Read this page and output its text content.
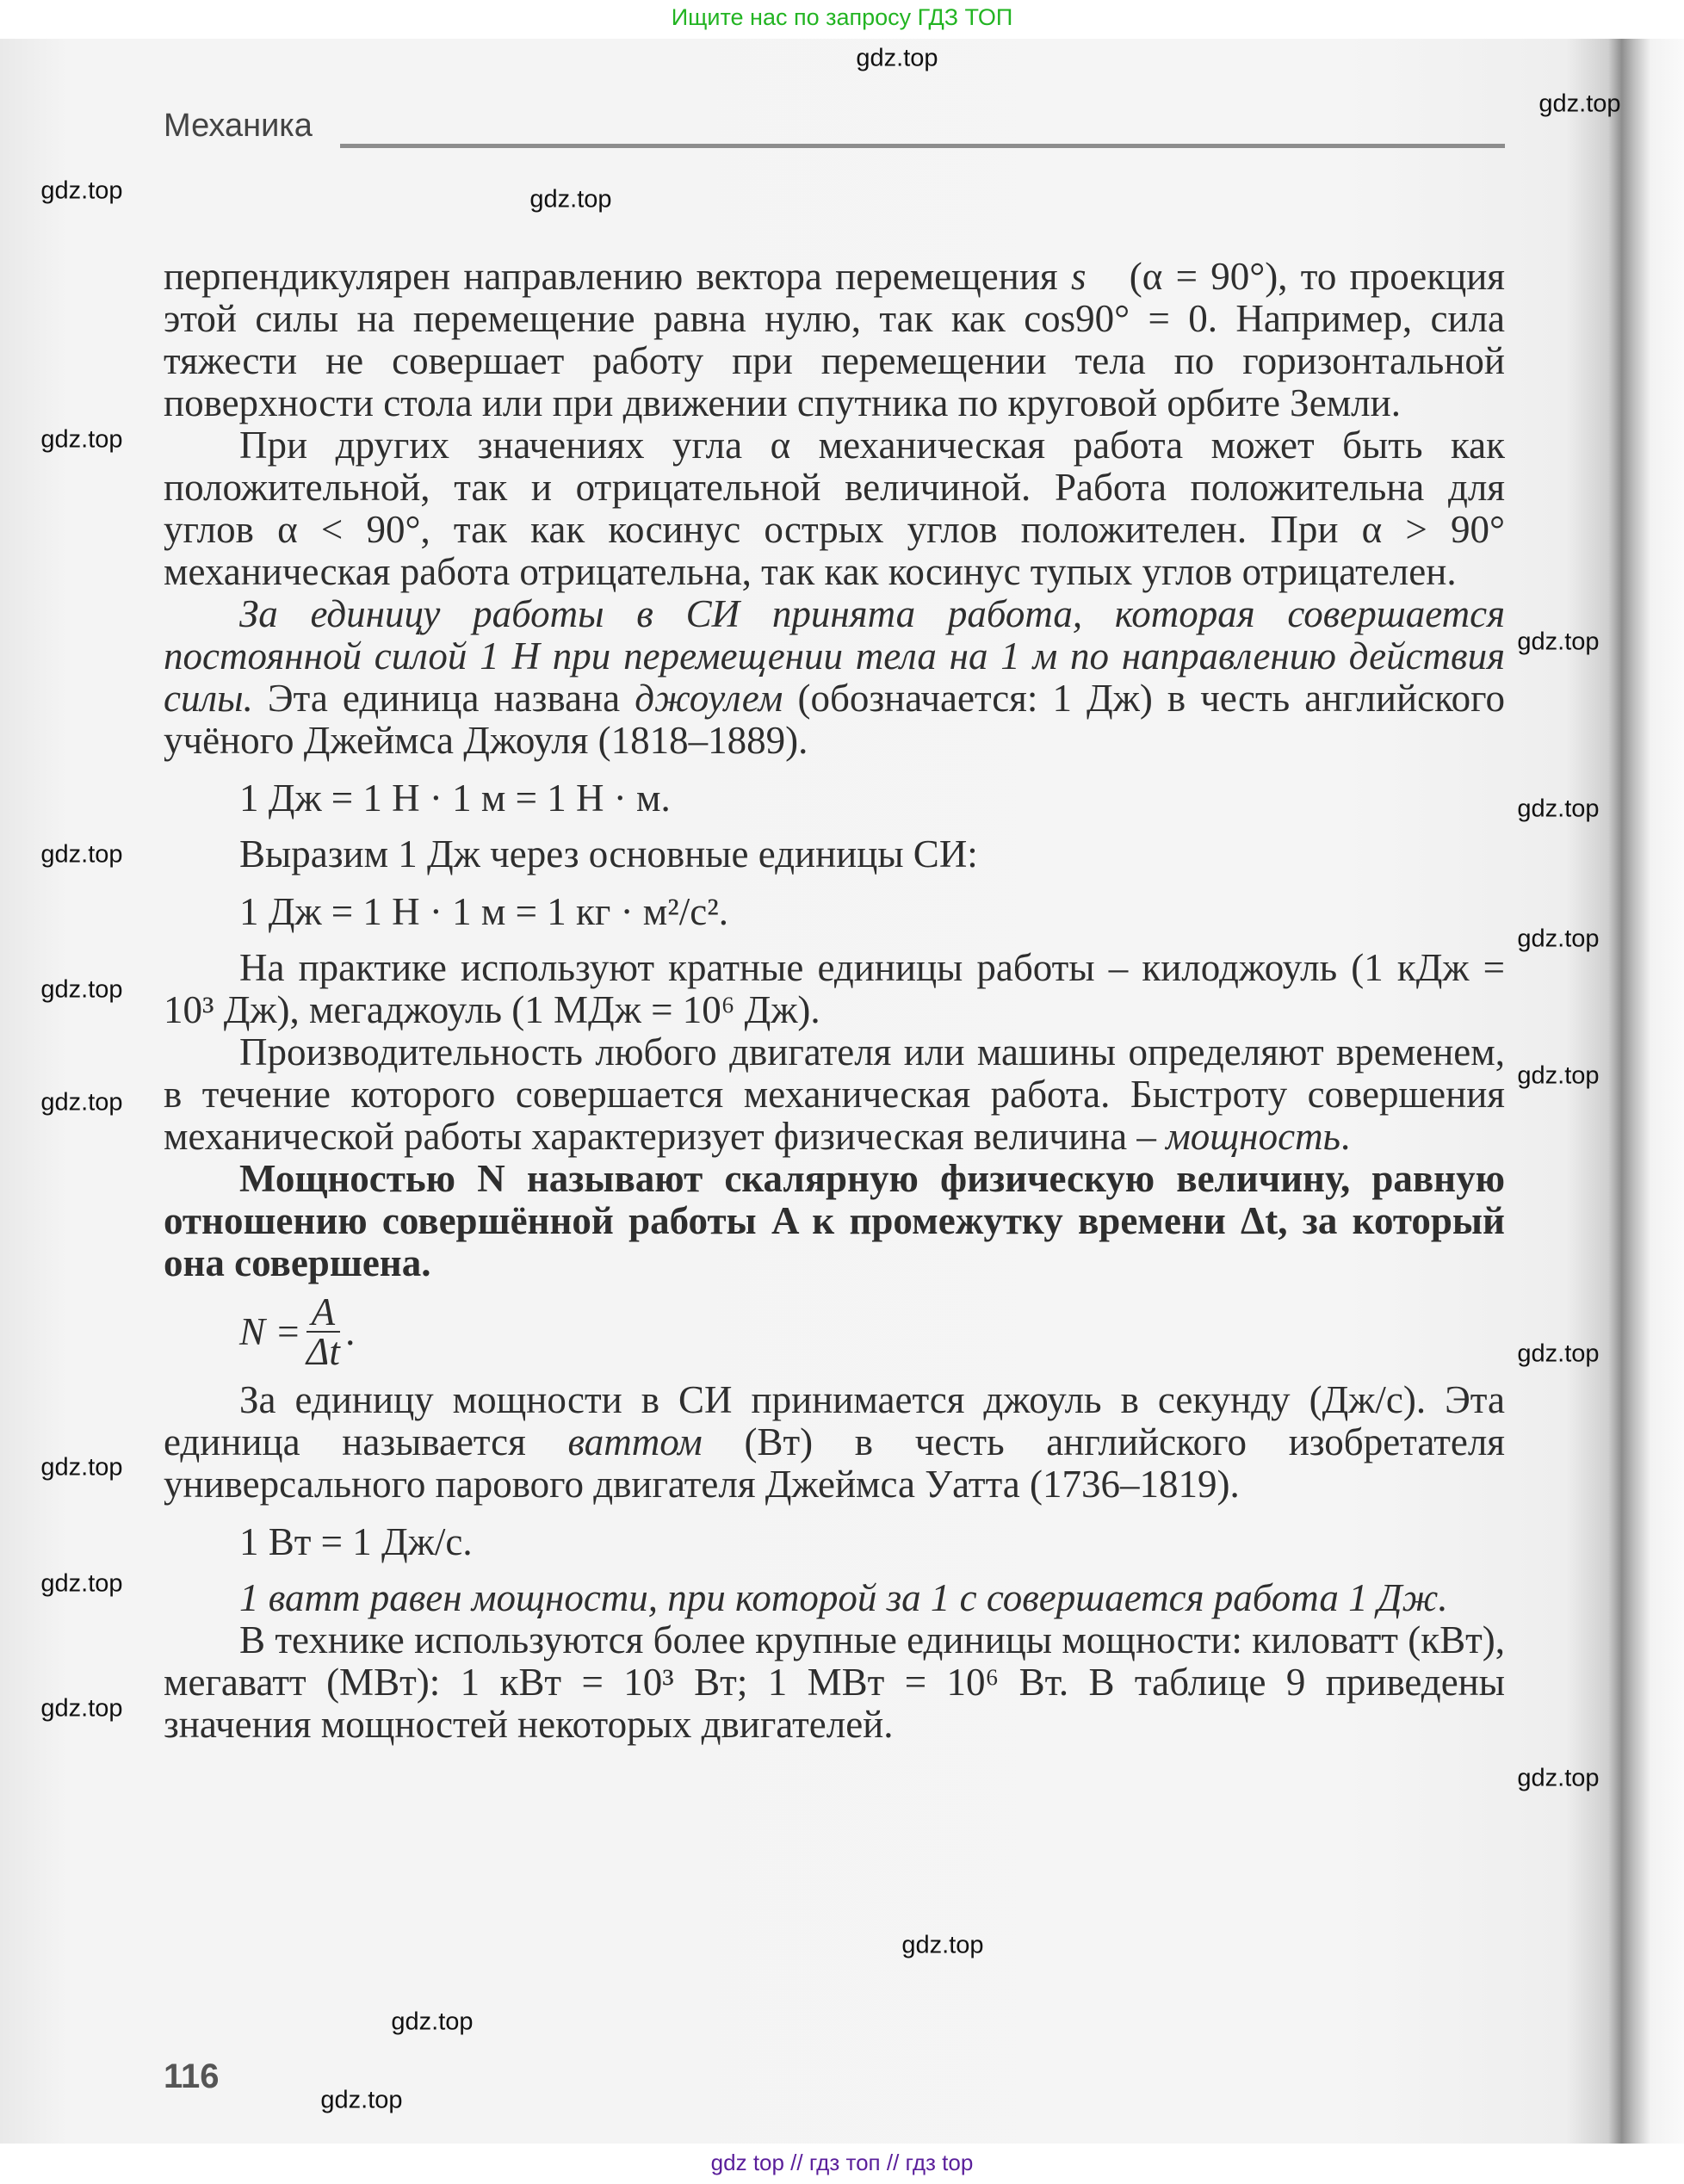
Ищите нас по запросу ГДЗ ТОП
Механика

перпендикулярен направлению вектора перемещения s⃗ (α = 90°), то проекция этой силы на перемещение равна нулю, так как cos90° = 0. Например, сила тяжести не совершает работу при перемещении тела по горизонтальной поверхности стола или при движении спутника по круговой орбите Земли.

При других значениях угла α механическая работа может быть как положительной, так и отрицательной величиной. Работа положительна для углов α < 90°, так как косинус острых углов положителен. При α > 90° механическая работа отрицательна, так как косинус тупых углов отрицателен.

За единицу работы в СИ принята работа, которая совершается постоянной силой 1 Н при перемещении тела на 1 м по направлению действия силы. Эта единица названа джоулем (обозначается: 1 Дж) в честь английского учёного Джеймса Джоуля (1818–1889).

1 Дж = 1 Н · 1 м = 1 Н · м.

Выразим 1 Дж через основные единицы СИ:

1 Дж = 1 Н · 1 м = 1 кг · м²/с².

На практике используют кратные единицы работы – килоджоуль (1 кДж = 10³ Дж), мегаджоуль (1 МДж = 10⁶ Дж).

Производительность любого двигателя или машины определяют временем, в течение которого совершается механическая работа. Быстроту совершения механической работы характеризует физическая величина – мощность.

Мощностью N называют скалярную физическую величину, равную отношению совершённой работы A к промежутку времени Δt, за который она совершена.

$N = \frac{A}{\Delta t}$ .

За единицу мощности в СИ принимается джоуль в секунду (Дж/с). Эта единица называется ваттом (Вт) в честь английского изобретателя универсального парового двигателя Джеймса Уатта (1736–1819).

1 Вт = 1 Дж/с.

1 ватт равен мощности, при которой за 1 с совершается работа 1 Дж.

В технике используются более крупные единицы мощности: киловатт (кВт), мегаватт (МВт): 1 кВт = 10³ Вт; 1 МВт = 10⁶ Вт. В таблице 9 приведены значения мощностей некоторых двигателей.

116
gdz top // гдз топ // гдз top
gdz.top
gdz.top
gdz.top	gdz.top
gdz.top
gdz.top
gdz.top
gdz.top
gdz.top
gdz.top
gdz.top
gdz.top
gdz.top
gdz.top
gdz.top
gdz.top
gdz.top
gdz.top
gdz.top
gdz.top
